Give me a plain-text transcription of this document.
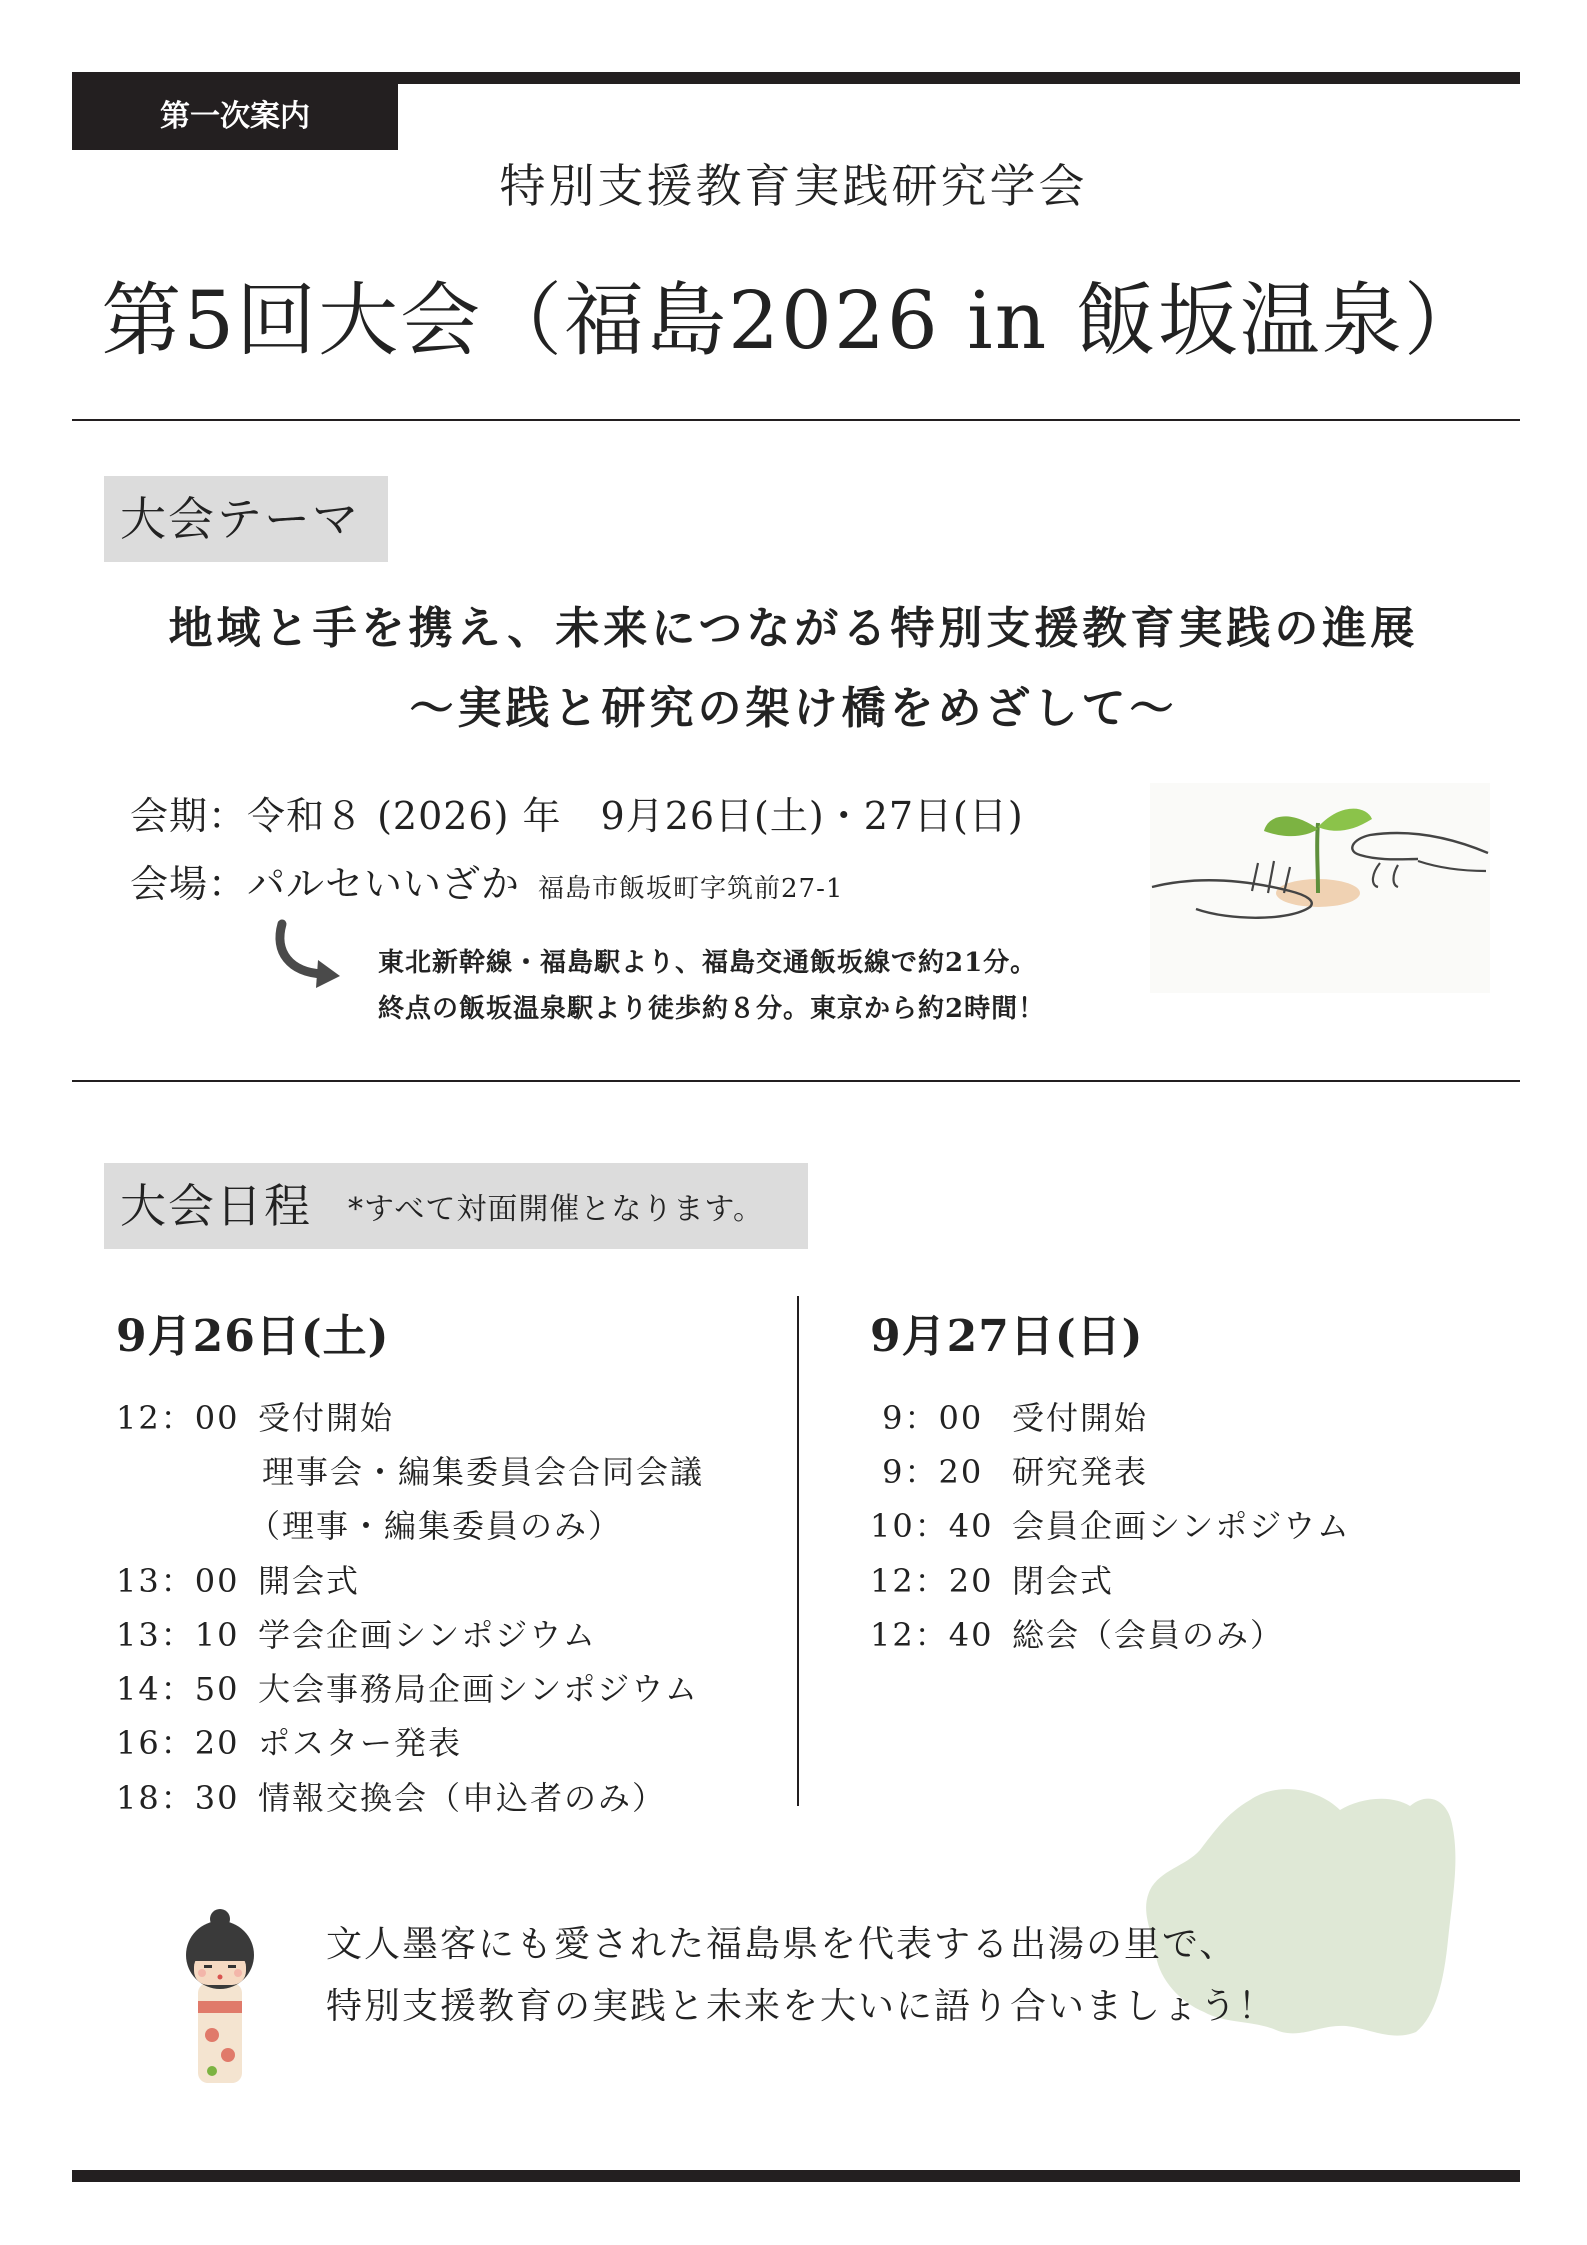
第一次案内
特別支援教育実践研究学会
第5回大会（福島2026 in 飯坂温泉）
大会テーマ
地域と手を携え、未来につながる特別支援教育実践の進展
～実践と研究の架け橋をめざして～
会期：令和８ (2026) 年　9月26日(土)・27日(日)
会場：パルセいいざか 福島市飯坂町字筑前27-1
東北新幹線・福島駅より、福島交通飯坂線で約21分。
終点の飯坂温泉駅より徒歩約８分。東京から約2時間！
大会日程 *すべて対面開催となります。
9月26日(土)	9月27日(日)
12：00 受付開始
理事会・編集委員会合同会議
（理事・編集委員のみ）
13：00 開会式
13：10 学会企画シンポジウム
14：50 大会事務局企画シンポジウム
16：20 ポスター発表
18：30 情報交換会（申込者のみ）
9：00 受付開始
9：20 研究発表
10：40 会員企画シンポジウム
12：20 閉会式
12：40 総会（会員のみ）
文人墨客にも愛された福島県を代表する出湯の里で、
特別支援教育の実践と未来を大いに語り合いましょう！
